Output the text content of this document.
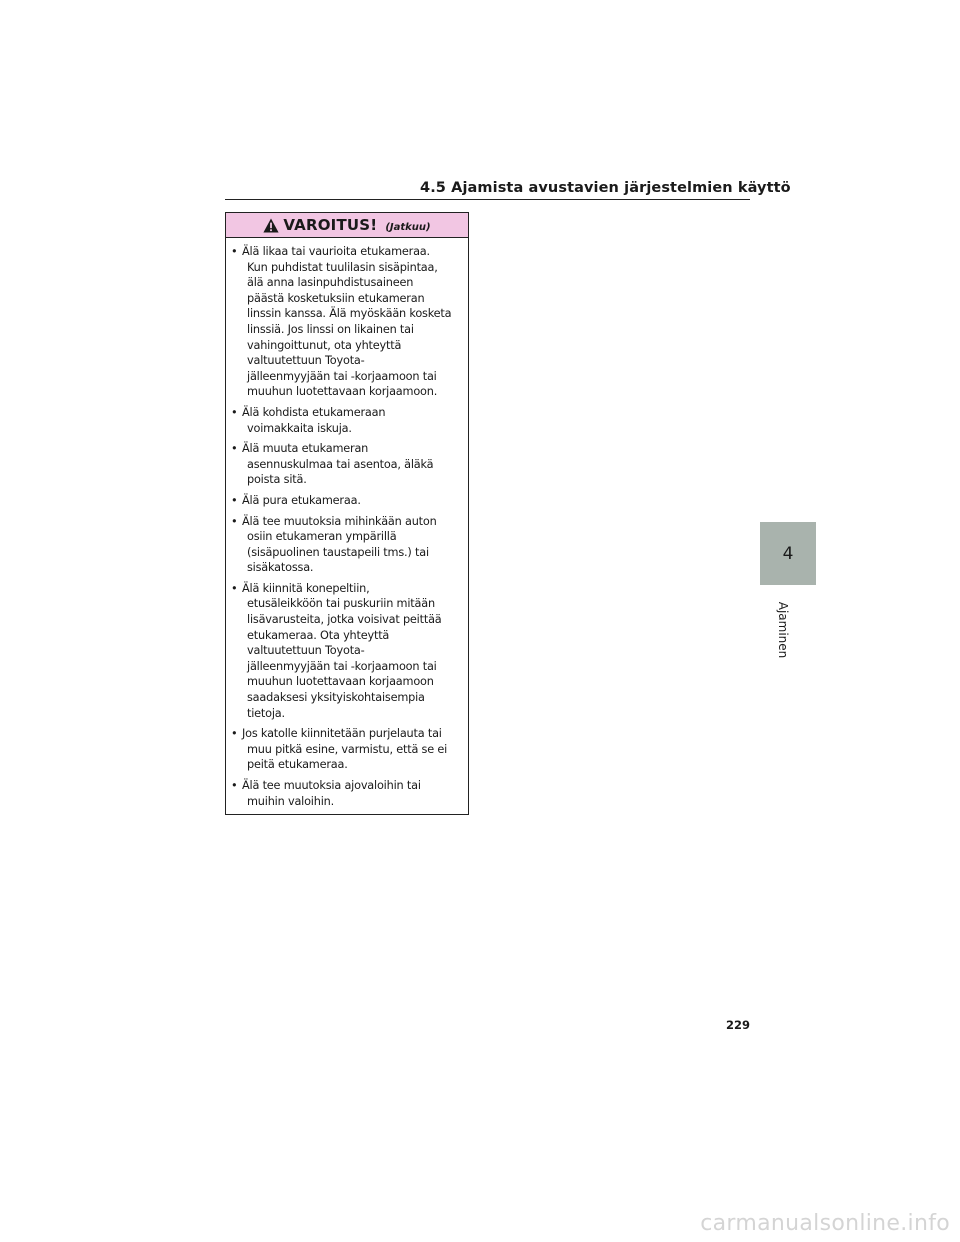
4.5 Ajamista avustavien järjestelmien käyttö
VAROITUS! (Jatkuu)
• Älä likaa tai vaurioita etukameraa.
Kun puhdistat tuulilasin sisäpintaa,
älä anna lasinpuhdistusaineen
päästä kosketuksiin etukameran
linssin kanssa. Älä myöskään kosketa
linssiä. Jos linssi on likainen tai
vahingoittunut, ota yhteyttä
valtuutettuun Toyota-
jälleenmyyjään tai -korjaamoon tai
muuhun luotettavaan korjaamoon.
• Älä kohdista etukameraan
voimakkaita iskuja.
• Älä muuta etukameran
asennuskulmaa tai asentoa, äläkä
poista sitä.
• Älä pura etukameraa.
• Älä tee muutoksia mihinkään auton
osiin etukameran ympärillä
(sisäpuolinen taustapeili tms.) tai
sisäkatossa.
• Älä kiinnitä konepeltiin,
etusäleikköön tai puskuriin mitään
lisävarusteita, jotka voisivat peittää
etukameraa. Ota yhteyttä
valtuutettuun Toyota-
jälleenmyyjään tai -korjaamoon tai
muuhun luotettavaan korjaamoon
saadaksesi yksityiskohtaisempia
tietoja.
• Jos katolle kiinnitetään purjelauta tai
muu pitkä esine, varmistu, että se ei
peitä etukameraa.
• Älä tee muutoksia ajovaloihin tai
muihin valoihin.
4
Ajaminen
229
carmanualsonline.info
